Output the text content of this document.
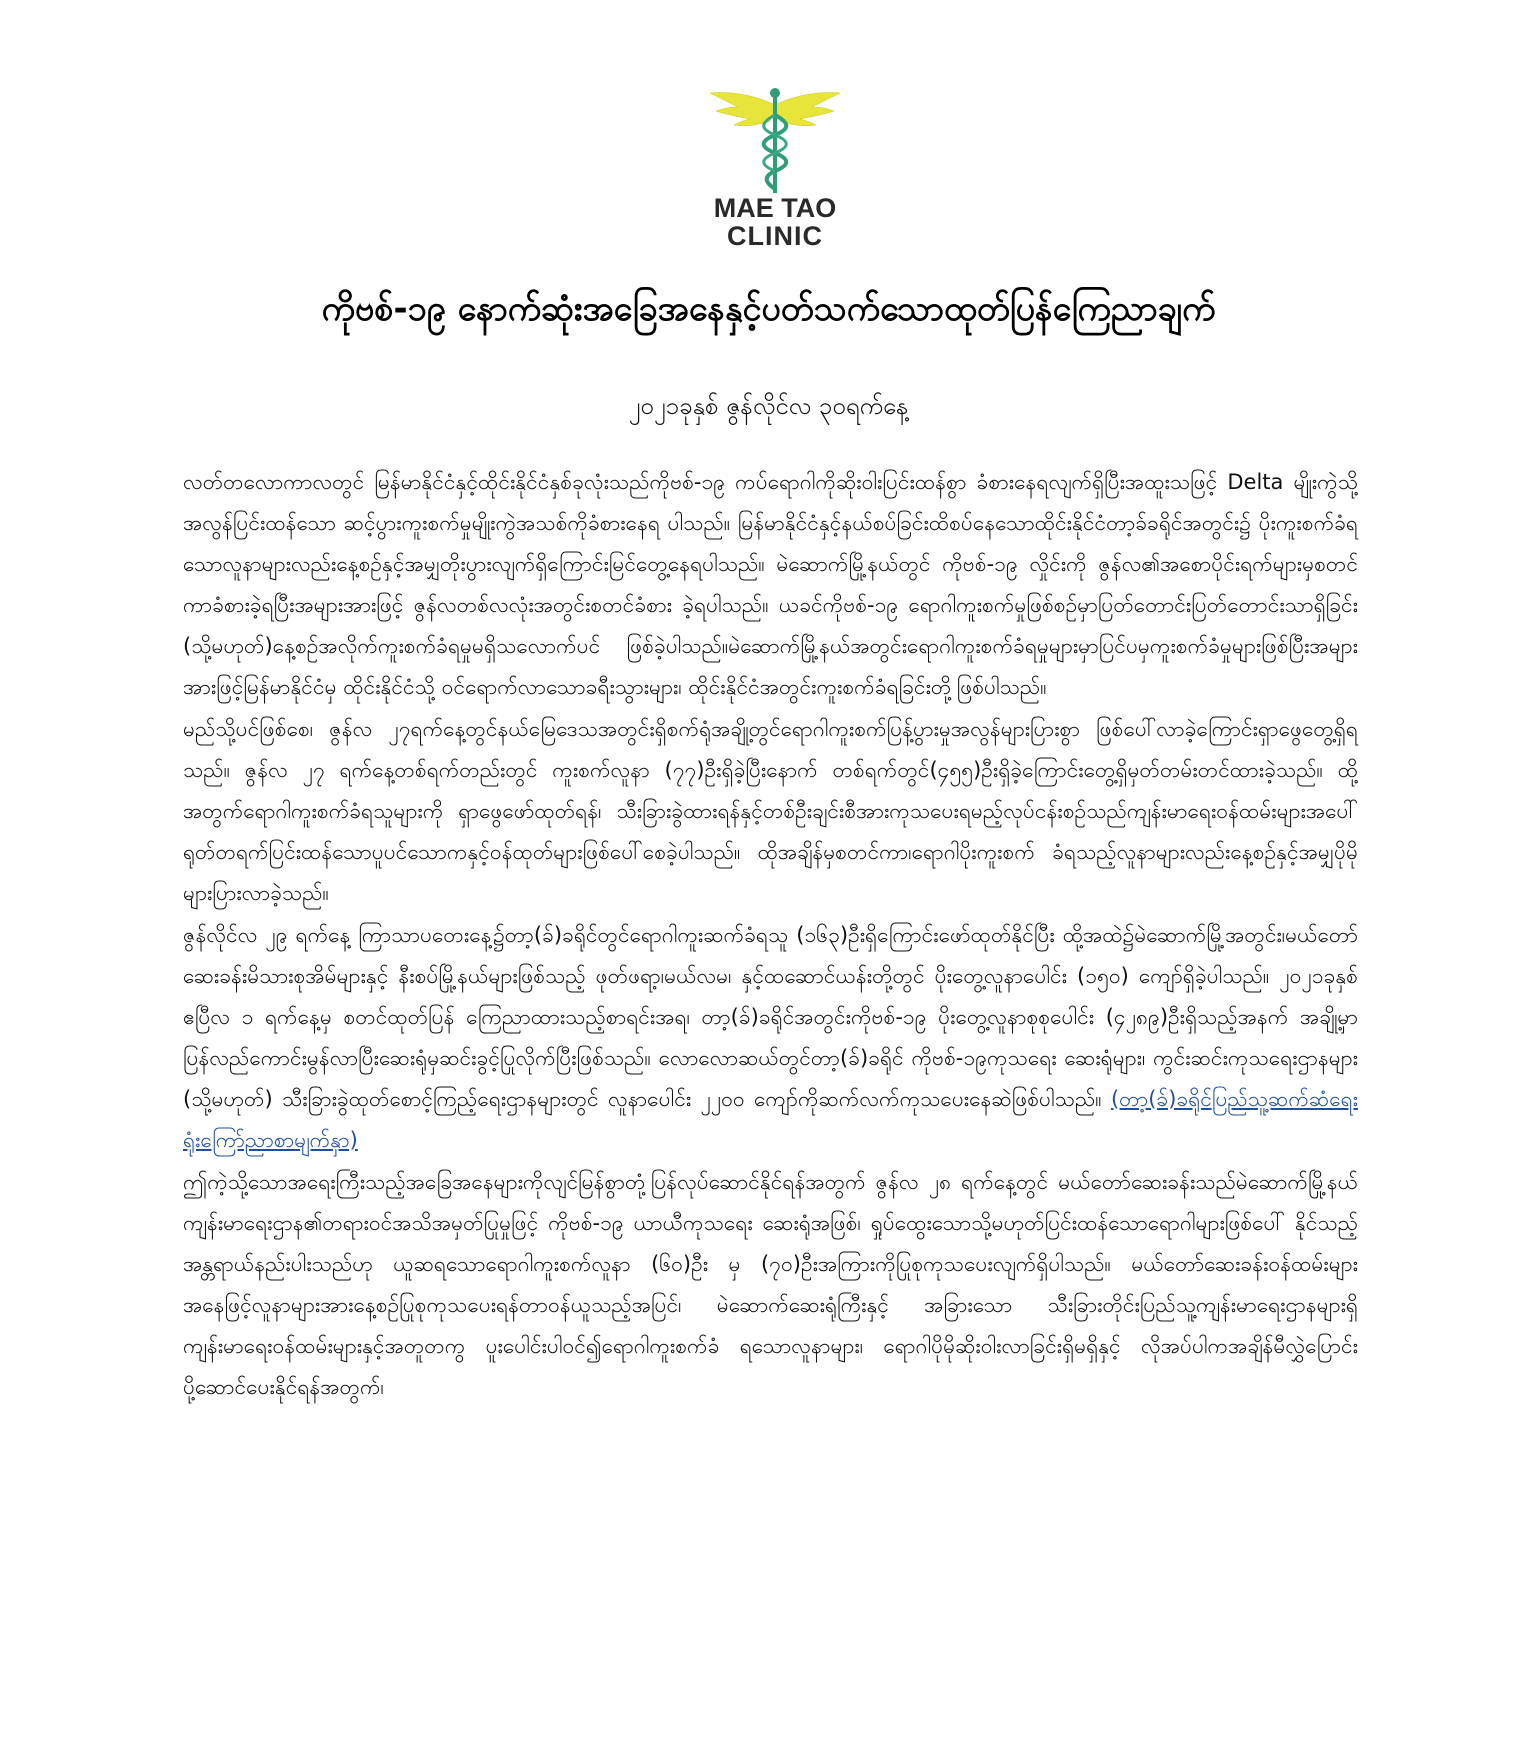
MAE TAO
CLINIC
ကိုဗစ်-၁၉ နောက်ဆုံးအခြေအနေနှင့်ပတ်သက်သောထုတ်ပြန်ကြေညာချက်
၂၀၂၁ခုနှစ် ဇွန်လိုင်လ ၃၀ရက်နေ့

လတ်တလောကာလတွင် မြန်မာနိုင်ငံနှင့်ထိုင်းနိုင်ငံနှစ်ခုလုံးသည်ကိုဗစ်-၁၉ ကပ်ရောဂါကိုဆိုးဝါးပြင်းထန်စွာ ခံစားနေရလျက်ရှိပြီးအထူးသဖြင့် Delta မျိုးကွဲသို့အလွန်ပြင်းထန်သော ဆင့်ပွားကူးစက်မှုမျိုးကွဲအသစ်ကိုခံစားနေရ ပါသည်။ မြန်မာနိုင်ငံနှင့်နယ်စပ်ခြင်းထိစပ်နေသောထိုင်းနိုင်ငံတာ့ခ်ခရိုင်အတွင်း၌ ပိုးကူးစက်ခံရသောလူနာများလည်းနေ့စဉ်နှင့်အမျှတိုးပွားလျက်ရှိကြောင်းမြင်တွေ့နေရပါသည်။ မဲဆောက်မြို့နယ်တွင် ကိုဗစ်-၁၉ လှိုင်းကို ဇွန်လ၏အစောပိုင်းရက်များမှစတင်ကာခံစားခဲ့ရပြီးအများအားဖြင့် ဇွန်လတစ်လလုံးအတွင်းစတင်ခံစား ခဲ့ရပါသည်။ ယခင်ကိုဗစ်-၁၉ ရောဂါကူးစက်မှုဖြစ်စဉ်မှာပြတ်တောင်းပြတ်တောင်းသာရှိခြင်း (သို့မဟုတ်)နေ့စဉ်အလိုက်ကူးစက်ခံရမှုမရှိသလောက်ပင် ဖြစ်ခဲ့ပါသည်။မဲဆောက်မြို့နယ်အတွင်းရောဂါကူးစက်ခံရမှုများမှာပြင်ပမှကူးစက်ခံမှုများဖြစ်ပြီးအများအားဖြင့်မြန်မာနိုင်ငံမှ ထိုင်းနိုင်ငံသို့ ဝင်ရောက်လာသောခရီးသွားများ၊ ထိုင်းနိုင်ငံအတွင်းကူးစက်ခံရခြင်းတို့ဖြစ်ပါသည်။

မည်သို့ပင်ဖြစ်စေ၊ ဇွန်လ ၂၇ရက်နေ့တွင်နယ်မြေဒေသအတွင်းရှိစက်ရုံအချို့တွင်ရောဂါကူးစက်ပြန့်ပွားမှုအလွန်များပြားစွာ ဖြစ်ပေါ်လာခဲ့ကြောင်းရှာဖွေတွေ့ရှိရသည်။ ဇွန်လ ၂၇ ရက်နေ့တစ်ရက်တည်းတွင် ကူးစက်လူနာ (၇၇)ဦးရှိခဲ့ပြီးနောက် တစ်ရက်တွင်(၄၅၅)ဦးရှိခဲ့ကြောင်းတွေ့ရှိမှတ်တမ်းတင်ထားခဲ့သည်။ ထို့အတွက်ရောဂါကူးစက်ခံရသူများကို ရှာဖွေဖော်ထုတ်ရန်၊ သီးခြားခွဲထားရန်နှင့်တစ်ဦးချင်းစီအားကုသပေးရမည့်လုပ်ငန်းစဉ်သည်ကျန်းမာရေးဝန်ထမ်းများအပေါ် ရုတ်တရက်ပြင်းထန်သောပူပင်သောကနှင့်ဝန်ထုတ်များဖြစ်ပေါ်စေခဲ့ပါသည်။ ထိုအချိန်မှစတင်ကာ၊ရောဂါပိုးကူးစက် ခံရသည့်လူနာများလည်းနေ့စဉ်နှင့်အမျှပိုမိုများပြားလာခဲ့သည်။

ဇွန်လိုင်လ ၂၉ ရက်နေ့ ကြာသာပတေးနေ့၌တာ့(ခ်)ခရိုင်တွင်ရောဂါကူးဆက်ခံရသူ (၁၆၃)ဦးရှိကြောင်းဖော်ထုတ်နိုင်ပြီး ထို့အထဲ၌မဲဆောက်မြို့အတွင်း၊မယ်တော်ဆေးခန်းမိသားစုအိမ်များနှင့် နီးစပ်မြို့နယ်များဖြစ်သည့် ဖုတ်ဖရာ့၊မယ်လမ၊ နှင့်ထဆောင်ယန်းတို့တွင် ပိုးတွေ့လူနာပေါင်း (၁၅၀) ကျော်ရှိခဲ့ပါသည်။ ၂၀၂၁ခုနှစ် ဧပြီလ ၁ ရက်နေ့မှ စတင်ထုတ်ပြန် ကြေညာထားသည့်စာရင်းအရ၊ တာ့(ခ်)ခရိုင်အတွင်းကိုဗစ်-၁၉ ပိုးတွေ့လူနာစုစုပေါင်း (၄၂၈၉)ဦးရှိသည့်အနက် အချို့မှာ ပြန်လည်ကောင်းမွန်လာပြီးဆေးရုံမှဆင်းခွင့်ပြုလိုက်ပြီးဖြစ်သည်။ လောလောဆယ်တွင်တာ့(ခ်)ခရိုင် ကိုဗစ်-၁၉ကုသရေး ဆေးရုံများ၊ ကွင်းဆင်းကုသရေးဌာနများ (သို့မဟုတ်) သီးခြားခွဲထုတ်စောင့်ကြည့်ရေးဌာနများတွင် လူနာပေါင်း ၂၂၀၀ ကျော်ကိုဆက်လက်ကုသပေးနေဆဲဖြစ်ပါသည်။ (တာ့(ခ်)ခရိုင်ပြည်သူ့ဆက်ဆံရေးရုံးကြော်ညာစာမျက်နှာ)

ဤကဲ့သို့သောအရေးကြီးသည့်အခြေအနေများကိုလျင်မြန်စွာတုံ့ပြန်လုပ်ဆောင်နိုင်ရန်အတွက် ဇွန်လ ၂၈ ရက်နေ့တွင် မယ်တော်ဆေးခန်းသည်မဲဆောက်မြို့နယ်ကျန်းမာရေးဌာန၏တရားဝင်အသိအမှတ်ပြုမှုဖြင့် ကိုဗစ်-၁၉ ယာယီကုသရေး ဆေးရုံအဖြစ်၊ ရှုပ်ထွေးသောသို့မဟုတ်ပြင်းထန်သောရောဂါများဖြစ်ပေါ် နိုင်သည့်အန္တရာယ်နည်းပါးသည်ဟု ယူဆရသောရောဂါကူးစက်လူနာ (၆၀)ဦး မှ (၇၀)ဦးအကြားကိုပြုစုကုသပေးလျက်ရှိပါသည်။ မယ်တော်ဆေးခန်းဝန်ထမ်းများ အနေဖြင့်လူနာများအားနေ့စဉ်ပြုစုကုသပေးရန်တာဝန်ယူသည့်အပြင်၊ မဲဆောက်ဆေးရုံကြီးနှင့် အခြားသော သီးခြားတိုင်းပြည်သူ့ကျန်းမာရေးဌာနများရှိကျန်းမာရေးဝန်ထမ်းများနှင့်အတူတကွ ပူးပေါင်းပါဝင်၍ရောဂါကူးစက်ခံ ရသောလူနာများ၊ ရောဂါပိုမိုဆိုးဝါးလာခြင်းရှိမရှိနှင့် လိုအပ်ပါကအချိန်မီလွှဲပြောင်းပို့ဆောင်ပေးနိုင်ရန်အတွက်၊
